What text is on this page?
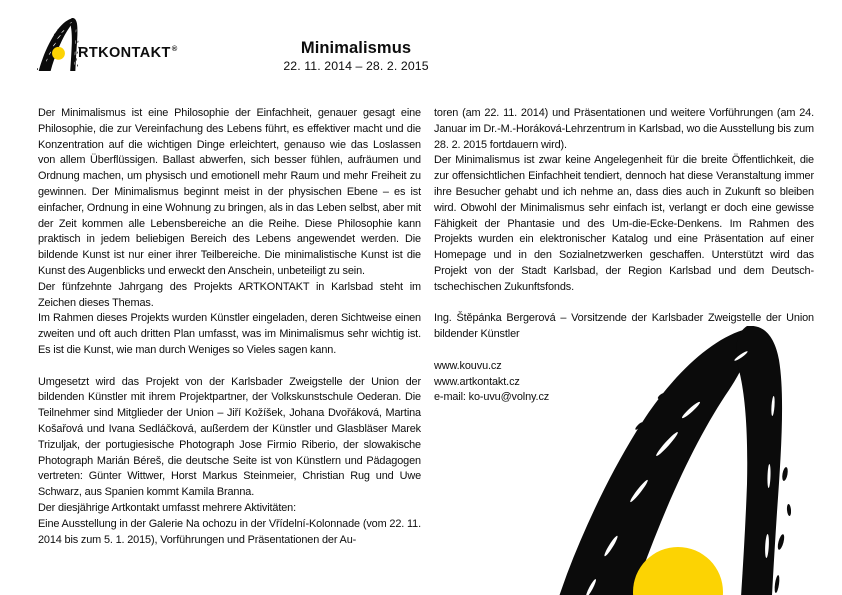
RTKONTAKT®	Minimalismus
22. 11. 2014 – 28. 2. 2015

Der Minimalismus ist eine Philosophie der Einfachheit, genauer gesagt eine Philosophie, die zur Vereinfachung des Lebens führt, es effektiver macht und die Konzentration auf die wichtigen Dinge erleichtert, genauso wie das Loslassen von allem Überflüssigen. Ballast abwerfen, sich besser fühlen, aufräumen und Ordnung machen, um physisch und emotionell mehr Raum und mehr Freiheit zu gewinnen. Der Minimalismus beginnt meist in der physischen Ebene – es ist einfacher, Ordnung in eine Wohnung zu bringen, als in das Leben selbst, aber mit der Zeit kommen alle Lebensbereiche an die Reihe. Diese Philosophie kann praktisch in jedem beliebigen Bereich des Lebens angewendet werden. Die bildende Kunst ist nur einer ihrer Teilbereiche. Die minimalistische Kunst ist die Kunst des Augenblicks und erweckt den Anschein, unbeteiligt zu sein.

Der fünfzehnte Jahrgang des Projekts ARTKONTAKT in Karlsbad steht im Zeichen dieses Themas.

Im Rahmen dieses Projekts wurden Künstler eingeladen, deren Sichtweise einen zweiten und oft auch dritten Plan umfasst, was im Minimalismus sehr wichtig ist. Es ist die Kunst, wie man durch Weniges so Vieles sagen kann.

Umgesetzt wird das Projekt von der Karlsbader Zweigstelle der Union der bildenden Künstler mit ihrem Projektpartner, der Volkskunstschule Oederan. Die Teilnehmer sind Mitglieder der Union – Jiří Kožíšek, Johana Dvořáková, Martina Košařová und Ivana Sedláčková, außerdem der Künstler und Glasbläser Marek Trizuljak, der portugiesische Photograph Jose Firmio Riberio, der slowakische Photograph Marián Béreš, die deutsche Seite ist von Künstlern und Pädagogen vertreten: Günter Wittwer, Horst Markus Steinmeier, Christian Rug und Uwe Schwarz, aus Spanien kommt Kamila Branna.

Der diesjährige Artkontakt umfasst mehrere Aktivitäten:

Eine Ausstellung in der Galerie Na ochozu in der Vřídelní-Kolonnade (vom 22. 11. 2014 bis zum 5. 1. 2015), Vorführungen und Präsentationen der Au-

toren (am 22. 11. 2014) und Präsentationen und weitere Vorführungen (am 24. Januar im Dr.-M.-Horáková-Lehrzentrum in Karlsbad, wo die Ausstellung bis zum 28. 2. 2015 fortdauern wird).

Der Minimalismus ist zwar keine Angelegenheit für die breite Öffentlichkeit, die zur offensichtlichen Einfachheit tendiert, dennoch hat diese Veranstaltung immer ihre Besucher gehabt und ich nehme an, dass dies auch in Zukunft so bleiben wird. Obwohl der Minimalismus sehr einfach ist, verlangt er doch eine gewisse Fähigkeit der Phantasie und des Um-die-Ecke-Denkens. Im Rahmen des Projekts wurden ein elektronischer Katalog und eine Präsentation auf einer Homepage und in den Sozialnetzwerken geschaffen. Unterstützt wird das Projekt von der Stadt Karlsbad, der Region Karlsbad und dem Deutsch-tschechischen Zukunftsfonds.

Ing. Štěpánka Bergerová – Vorsitzende der Karlsbader Zweigstelle der Union bildender Künstler

www.kouvu.cz

www.artkontakt.cz

e-mail: ko-uvu@volny.cz
